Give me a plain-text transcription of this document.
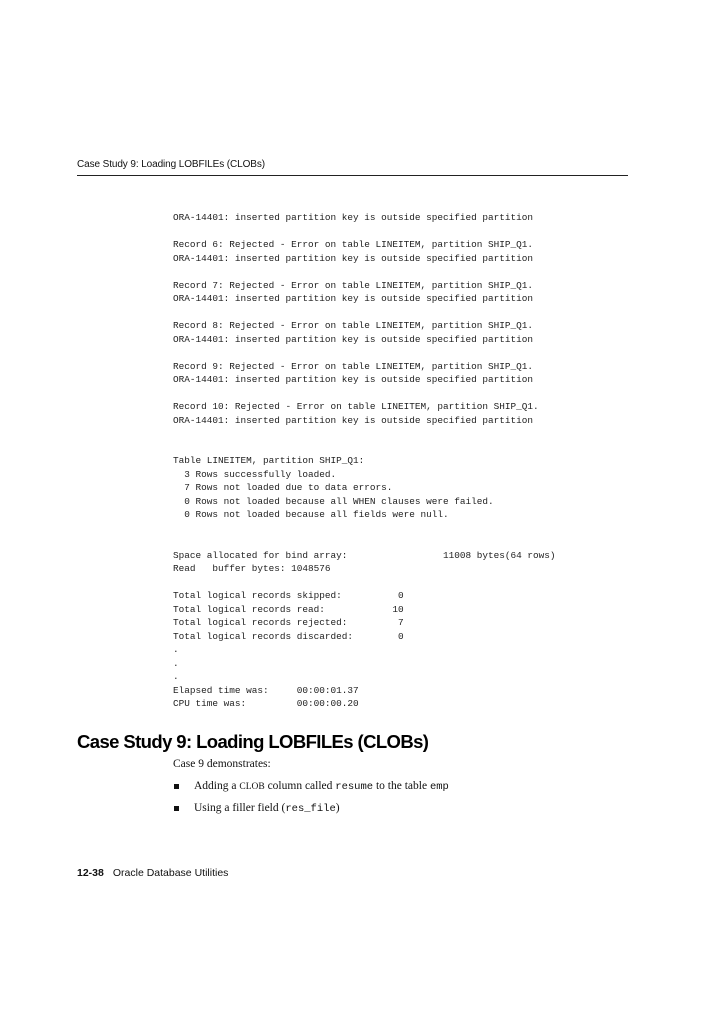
Case Study 9: Loading LOBFILEs (CLOBs)
ORA-14401: inserted partition key is outside specified partition

Record 6: Rejected - Error on table LINEITEM, partition SHIP_Q1.
ORA-14401: inserted partition key is outside specified partition

Record 7: Rejected - Error on table LINEITEM, partition SHIP_Q1.
ORA-14401: inserted partition key is outside specified partition

Record 8: Rejected - Error on table LINEITEM, partition SHIP_Q1.
ORA-14401: inserted partition key is outside specified partition

Record 9: Rejected - Error on table LINEITEM, partition SHIP_Q1.
ORA-14401: inserted partition key is outside specified partition

Record 10: Rejected - Error on table LINEITEM, partition SHIP_Q1.
ORA-14401: inserted partition key is outside specified partition

Table LINEITEM, partition SHIP_Q1:
3 Rows successfully loaded.
7 Rows not loaded due to data errors.
0 Rows not loaded because all WHEN clauses were failed.
0 Rows not loaded because all fields were null.

Space allocated for bind array:                 11008 bytes(64 rows)
Read   buffer bytes: 1048576

Total logical records skipped:          0
Total logical records read:            10
Total logical records rejected:         7
Total logical records discarded:        0
.
.
.
Elapsed time was:     00:00:01.37
CPU time was:         00:00:00.20

Case Study 9: Loading LOBFILEs (CLOBs)

Case 9 demonstrates:

Adding a CLOB column called resume to the table emp
Using a filler field (res_file)
12-38 Oracle Database Utilities
